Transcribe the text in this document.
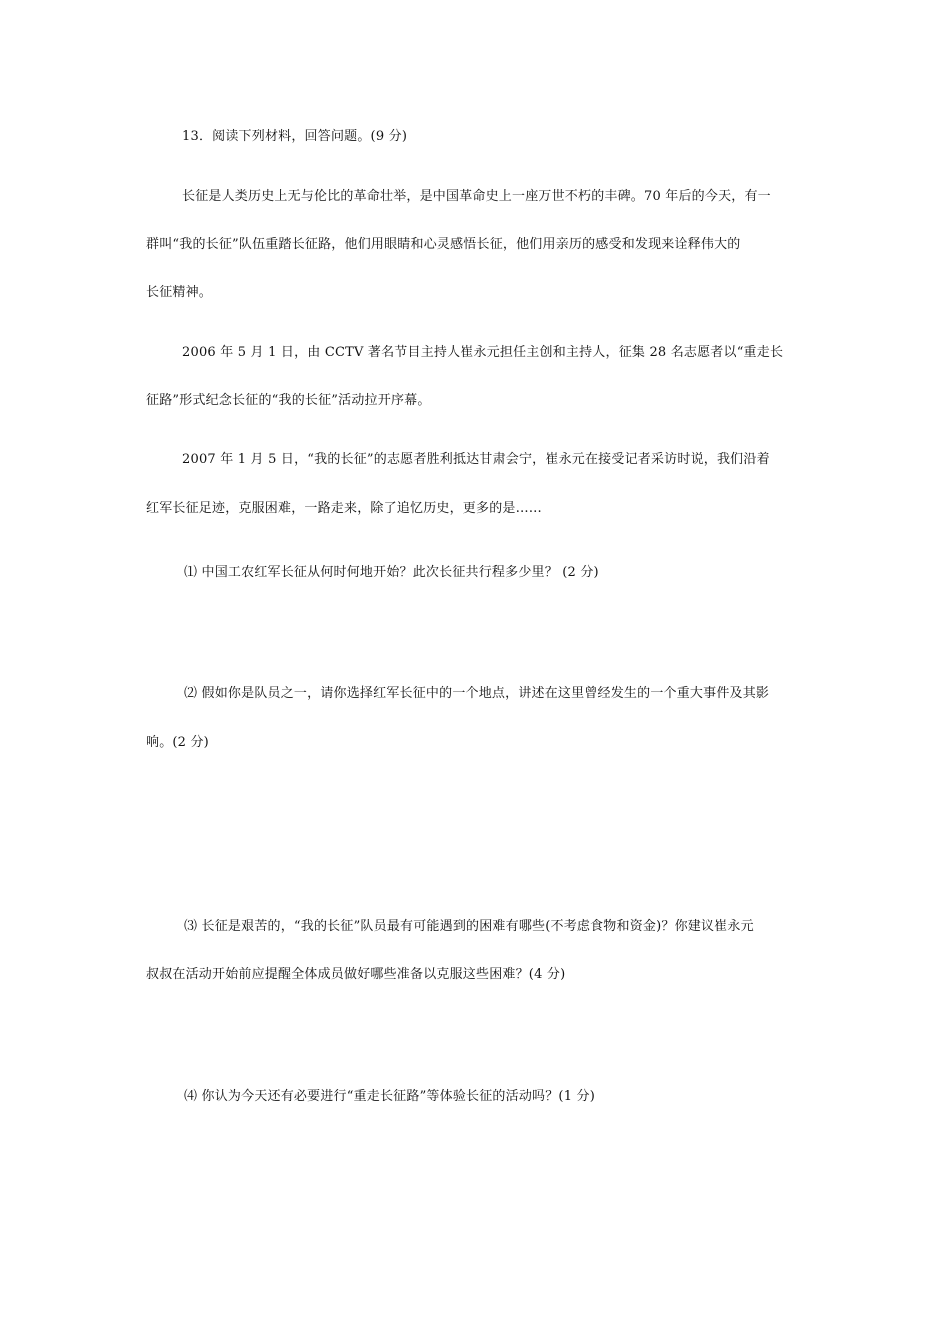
13．阅读下列材料，回答问题。(9 分)
长征是人类历史上无与伦比的革命壮举，是中国革命史上一座万世不朽的丰碑。70 年后的今天，有一
群叫“我的长征”队伍重踏长征路，他们用眼睛和心灵感悟长征，他们用亲历的感受和发现来诠释伟大的
长征精神。
2006 年 5 月 1 日，由 CCTV 著名节目主持人崔永元担任主创和主持人，征集 28 名志愿者以“重走长
征路”形式纪念长征的“我的长征”活动拉开序幕。
2007 年 1 月 5 日，“我的长征”的志愿者胜利抵达甘肃会宁，崔永元在接受记者采访时说，我们沿着
红军长征足迹，克服困难，一路走来，除了追忆历史，更多的是……
⑴ 中国工农红军长征从何时何地开始？此次长征共行程多少里？ (2 分)
⑵ 假如你是队员之一，请你选择红军长征中的一个地点，讲述在这里曾经发生的一个重大事件及其影
响。(2 分)
⑶ 长征是艰苦的，“我的长征”队员最有可能遇到的困难有哪些(不考虑食物和资金)？你建议崔永元
叔叔在活动开始前应提醒全体成员做好哪些准备以克服这些困难？(4 分)
⑷ 你认为今天还有必要进行“重走长征路”等体验长征的活动吗？(1 分)
